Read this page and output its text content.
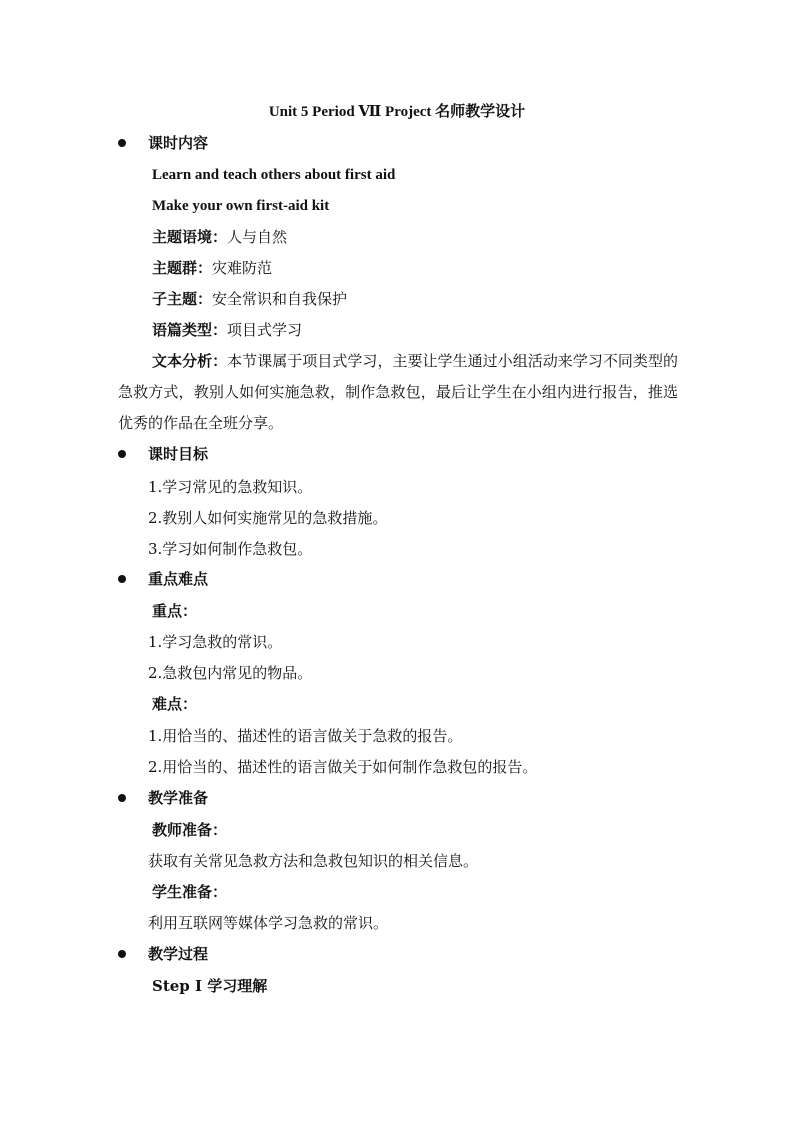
Unit 5 Period Ⅶ Project 名师教学设计
课时内容
Learn and teach others about first aid
Make your own first-aid kit
主题语境：人与自然
主题群：灾难防范
子主题：安全常识和自我保护
语篇类型：项目式学习
文本分析：本节课属于项目式学习，主要让学生通过小组活动来学习不同类型的急救方式，教别人如何实施急救，制作急救包，最后让学生在小组内进行报告，推选优秀的作品在全班分享。
课时目标
1.学习常见的急救知识。
2.教别人如何实施常见的急救措施。
3.学习如何制作急救包。
重点难点
重点：
1.学习急救的常识。
2.急救包内常见的物品。
难点：
1.用恰当的、描述性的语言做关于急救的报告。
2.用恰当的、描述性的语言做关于如何制作急救包的报告。
教学准备
教师准备：
获取有关常见急救方法和急救包知识的相关信息。
学生准备：
利用互联网等媒体学习急救的常识。
教学过程
Step Ⅰ 学习理解
